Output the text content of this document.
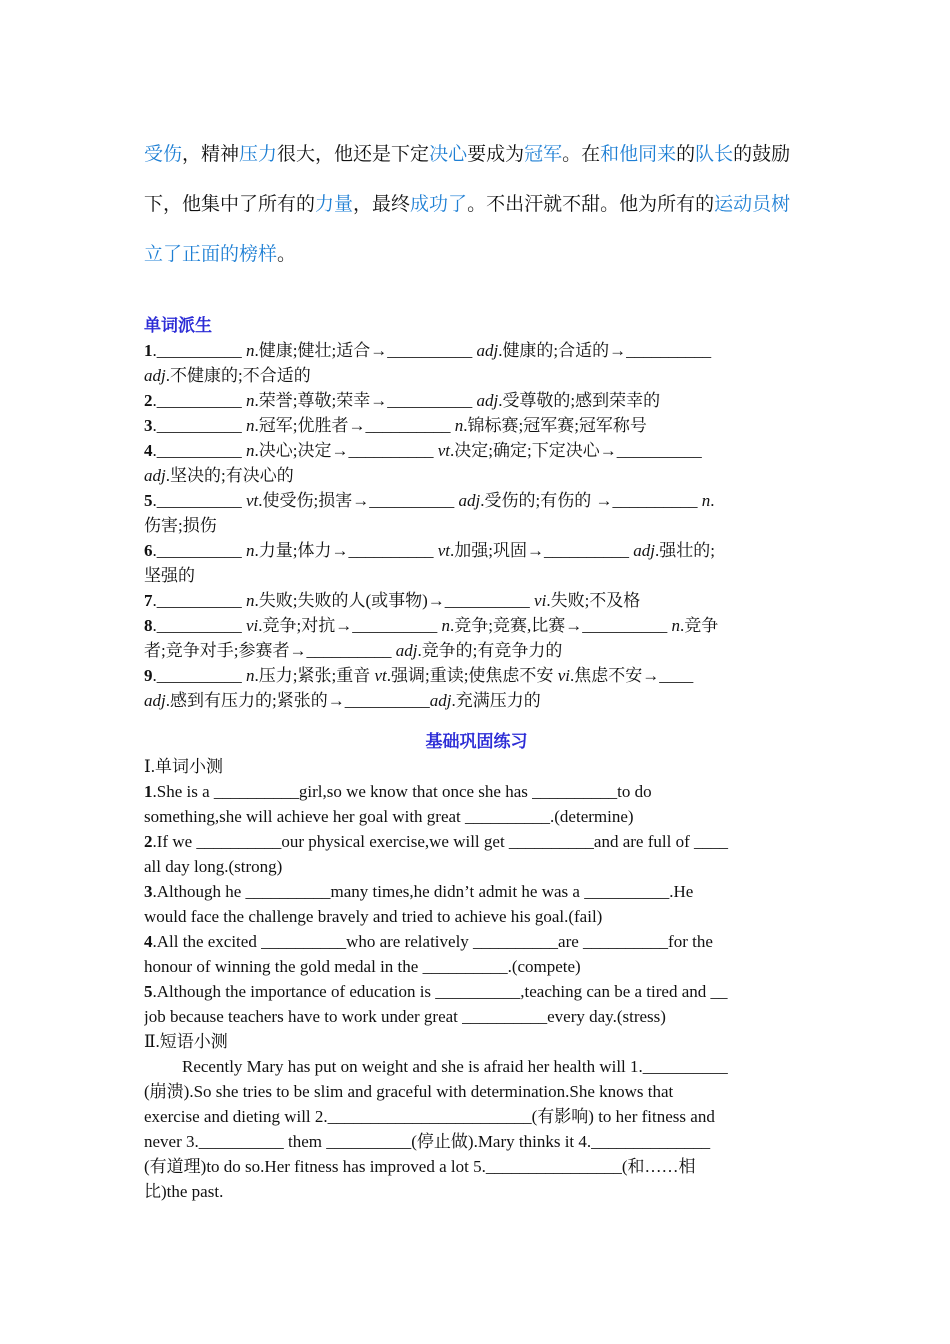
受伤，精神压力很大，他还是下定决心要成为冠军。在和他同来的队长的鼓励

下，他集中了所有的力量，最终成功了。不出汗就不甜。他为所有的运动员树

立了正面的榜样。

单词派生
1.__________ n.健康;健壮;适合→__________ adj.健康的;合适的→__________
adj.不健康的;不合适的
2.__________ n.荣誉;尊敬;荣幸→__________ adj.受尊敬的;感到荣幸的
3.__________ n.冠军;优胜者→__________ n.锦标赛;冠军赛;冠军称号
4.__________ n.决心;决定→__________ vt.决定;确定;下定决心→__________
adj.坚决的;有决心的
5.__________ vt.使受伤;损害→__________ adj.受伤的;有伤的 →__________ n.
伤害;损伤
6.__________ n.力量;体力→__________ vt.加强;巩固→__________ adj.强壮的;
坚强的
7.__________ n.失败;失败的人(或事物)→__________ vi.失败;不及格
8.__________ vi.竞争;对抗→__________ n.竞争;竞赛,比赛→__________ n.竞争
者;竞争对手;参赛者→__________ adj.竞争的;有竞争力的
9.__________ n.压力;紧张;重音 vt.强调;重读;使焦虑不安 vi.焦虑不安→____
adj.感到有压力的;紧张的→__________adj.充满压力的
基础巩固练习
Ⅰ.单词小测
1.She is a __________girl,so we know that once she has __________to do
something,she will achieve her goal with great __________.(determine)
2.If we __________our physical exercise,we will get __________and are full of ____
all day long.(strong)
3.Although he __________many times,he didn’t admit he was a __________.He
would face the challenge bravely and tried to achieve his goal.(fail)
4.All the excited __________who are relatively __________are __________for the
honour of winning the gold medal in the __________.(compete)
5.Although the importance of education is __________,teaching can be a tired and __
job because teachers have to work under great __________every day.(stress)
Ⅱ.短语小测
Recently Mary has put on weight and she is afraid her health will 1.__________
(崩溃).So she tries to be slim and graceful with determination.She knows that
exercise and dieting will 2.________________________(有影响) to her fitness and
never 3.__________ them __________(停止做).Mary thinks it 4.______________
(有道理)to do so.Her fitness has improved a lot 5.________________(和……相
比)the past.
